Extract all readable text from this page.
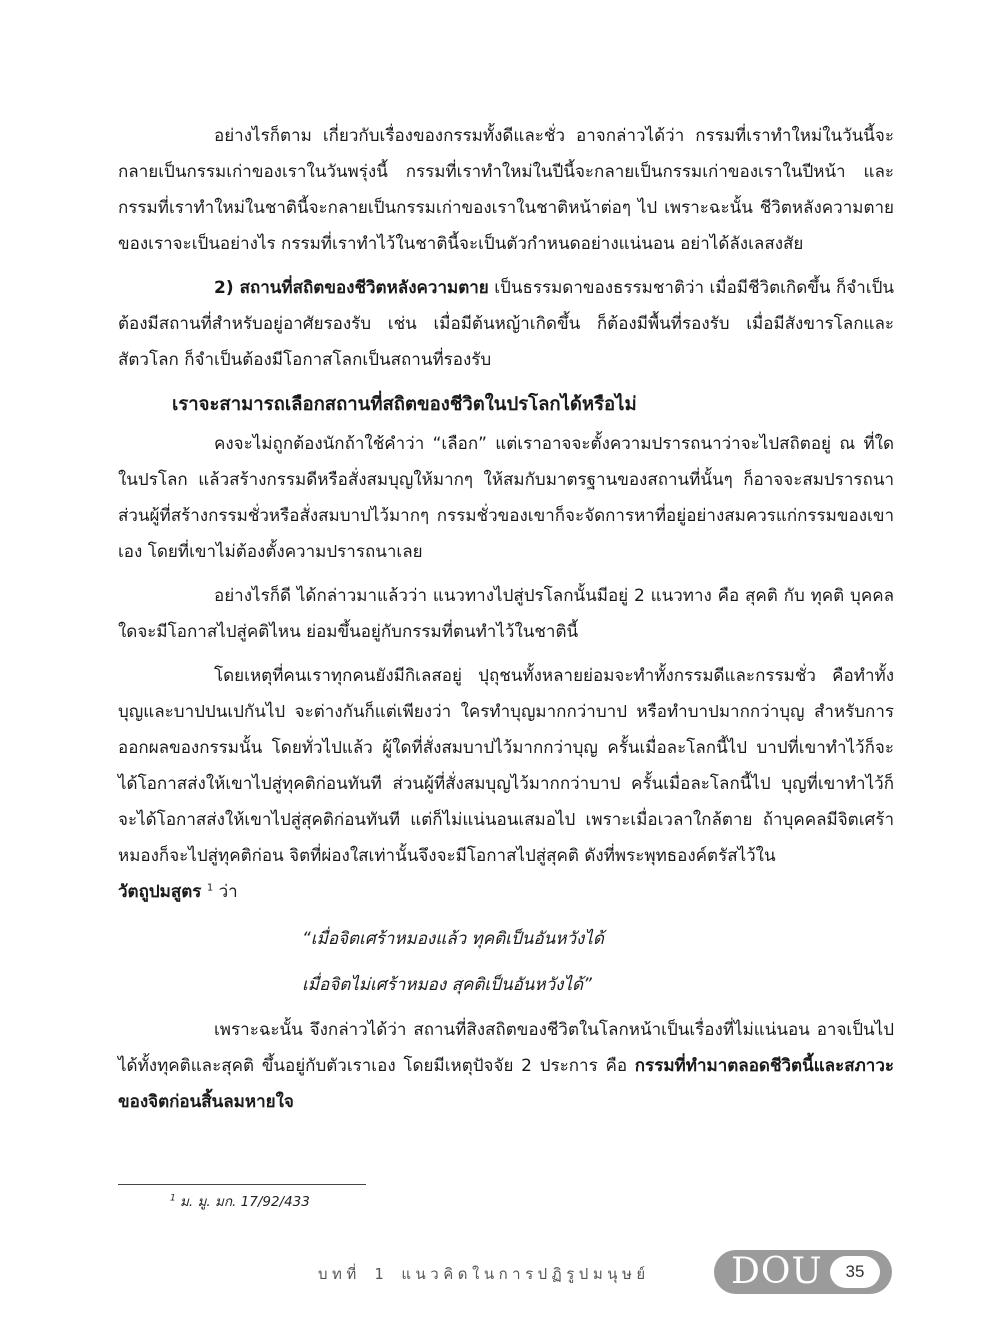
อย่างไรก็ตาม เกี่ยวกับเรื่องของกรรมทั้งดีและชั่ว อาจกล่าวได้ว่า กรรมที่เราทำใหม่ในวันนี้จะกลายเป็นกรรมเก่าของเราในวันพรุ่งนี้ กรรมที่เราทำใหม่ในปีนี้จะกลายเป็นกรรมเก่าของเราในปีหน้า และกรรมที่เราทำใหม่ในชาตินี้จะกลายเป็นกรรมเก่าของเราในชาติหน้าต่อๆ ไป เพราะฉะนั้น ชีวิตหลังความตายของเราจะเป็นอย่างไร กรรมที่เราทำไว้ในชาตินี้จะเป็นตัวกำหนดอย่างแน่นอน อย่าได้ลังเลสงสัย

2) สถานที่สถิตของชีวิตหลังความตาย เป็นธรรมดาของธรรมชาติว่า เมื่อมีชีวิตเกิดขึ้น ก็จำเป็นต้องมีสถานที่สำหรับอยู่อาศัยรองรับ เช่น เมื่อมีต้นหญ้าเกิดขึ้น ก็ต้องมีพื้นที่รองรับ เมื่อมีสังขารโลกและสัตวโลก ก็จำเป็นต้องมีโอกาสโลกเป็นสถานที่รองรับ

เราจะสามารถเลือกสถานที่สถิตของชีวิตในปรโลกได้หรือไม่

คงจะไม่ถูกต้องนักถ้าใช้คำว่า “เลือก” แต่เราอาจจะตั้งความปรารถนาว่าจะไปสถิตอยู่ ณ ที่ใดในปรโลก แล้วสร้างกรรมดีหรือสั่งสมบุญให้มากๆ ให้สมกับมาตรฐานของสถานที่นั้นๆ ก็อาจจะสมปรารถนา ส่วนผู้ที่สร้างกรรมชั่วหรือสั่งสมบาปไว้มากๆ กรรมชั่วของเขาก็จะจัดการหาที่อยู่อย่างสมควรแก่กรรมของเขาเอง โดยที่เขาไม่ต้องตั้งความปรารถนาเลย

อย่างไรก็ดี ได้กล่าวมาแล้วว่า แนวทางไปสู่ปรโลกนั้นมีอยู่ 2 แนวทาง คือ สุคติ กับ ทุคติ บุคคลใดจะมีโอกาสไปสู่คติไหน ย่อมขึ้นอยู่กับกรรมที่ตนทำไว้ในชาตินี้

โดยเหตุที่คนเราทุกคนยังมีกิเลสอยู่ ปุถุชนทั้งหลายย่อมจะทำทั้งกรรมดีและกรรมชั่ว คือทำทั้งบุญและบาปปนเปกันไป จะต่างกันก็แต่เพียงว่า ใครทำบุญมากกว่าบาป หรือทำบาปมากกว่าบุญ สำหรับการออกผลของกรรมนั้น โดยทั่วไปแล้ว ผู้ใดที่สั่งสมบาปไว้มากกว่าบุญ ครั้นเมื่อละโลกนี้ไป บาปที่เขาทำไว้ก็จะได้โอกาสส่งให้เขาไปสู่ทุคติก่อนทันที ส่วนผู้ที่สั่งสมบุญไว้มากกว่าบาป ครั้นเมื่อละโลกนี้ไป บุญที่เขาทำไว้ก็จะได้โอกาสส่งให้เขาไปสู่สุคติก่อนทันที แต่ก็ไม่แน่นอนเสมอไป เพราะเมื่อเวลาใกล้ตาย ถ้าบุคคลมีจิตเศร้าหมองก็จะไปสู่ทุคติก่อน จิตที่ผ่องใสเท่านั้นจึงจะมีโอกาสไปสู่สุคติ ดังที่พระพุทธองค์ตรัสไว้ใน
วัตถูปมสูตร $^1$ ว่า

“เมื่อจิตเศร้าหมองแล้ว ทุคติเป็นอันหวังได้
เมื่อจิตไม่เศร้าหมอง สุคติเป็นอันหวังได้”

เพราะฉะนั้น จึงกล่าวได้ว่า สถานที่สิงสถิตของชีวิตในโลกหน้าเป็นเรื่องที่ไม่แน่นอน อาจเป็นไปได้ทั้งทุคติและสุคติ ขึ้นอยู่กับตัวเราเอง โดยมีเหตุปัจจัย 2 ประการ คือ กรรมที่ทำมาตลอดชีวิตนี้และสภาวะของจิตก่อนสิ้นลมหายใจ

$^1$ ม. มู. มก. 17/92/433
บทที่ 1 แนวคิดในการปฏิรูปมนุษย์ DOU	35
